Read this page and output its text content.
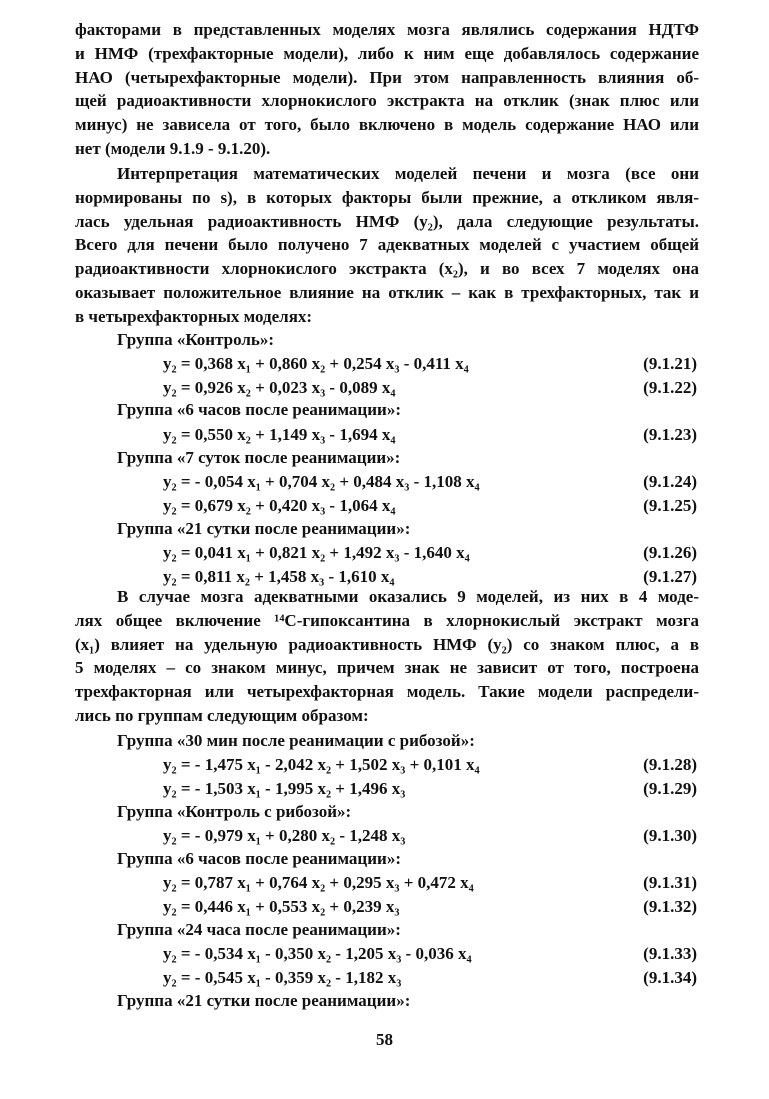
факторами в представленных моделях мозга являлись содержания НДТФ
и НМФ (трехфакторные модели), либо к ним еще добавлялось содержание
НАО (четырехфакторные модели). При этом направленность влияния об-
щей радиоактивности хлорнокислого экстракта на отклик (знак плюс или
минус) не зависела от того, было включено в модель содержание НАО или
нет (модели 9.1.9 - 9.1.20).
Интерпретация математических моделей печени и мозга (все они
нормированы по s), в которых факторы были прежние, а откликом явля-
лась удельная радиоактивность НМФ (y₂), дала следующие результаты.
Всего для печени было получено 7 адекватных моделей с участием общей
радиоактивности хлорнокислого экстракта (x₂), и во всех 7 моделях она
оказывает положительное влияние на отклик – как в трехфакторных, так и
в четырехфакторных моделях:
Группа «Контроль»:
y₂ = 0,368 x₁ + 0,860 x₂ + 0,254 x₃ - 0,411 x₄	(9.1.21)
y₂ = 0,926 x₂ + 0,023 x₃ - 0,089 x₄	(9.1.22)
Группа «6 часов после реанимации»:
y₂ = 0,550 x₂ + 1,149 x₃ - 1,694 x₄	(9.1.23)
Группа «7 суток после реанимации»:
y₂ = - 0,054 x₁ + 0,704 x₂ + 0,484 x₃ - 1,108 x₄	(9.1.24)
y₂ = 0,679 x₂ + 0,420 x₃ - 1,064 x₄	(9.1.25)
Группа «21 сутки после реанимации»:
y₂ = 0,041 x₁ + 0,821 x₂ + 1,492 x₃ - 1,640 x₄	(9.1.26)
y₂ = 0,811 x₂ + 1,458 x₃ - 1,610 x₄	(9.1.27)
В случае мозга адекватными оказались 9 моделей, из них в 4 моде-
лях общее включение ¹⁴С-гипоксантина в хлорнокислый экстракт мозга
(x₁) влияет на удельную радиоактивность НМФ (y₂) со знаком плюс, а в
5 моделях – со знаком минус, причем знак не зависит от того, построена
трехфакторная или четырехфакторная модель. Такие модели распредели-
лись по группам следующим образом:
Группа «30 мин после реанимации с рибозой»:
y₂ = - 1,475 x₁ - 2,042 x₂ + 1,502 x₃ + 0,101 x₄	(9.1.28)
y₂ = - 1,503 x₁ - 1,995 x₂ + 1,496 x₃	(9.1.29)
Группа «Контроль с рибозой»:
y₂ = - 0,979 x₁ + 0,280 x₂ - 1,248 x₃	(9.1.30)
Группа «6 часов после реанимации»:
y₂ = 0,787 x₁ + 0,764 x₂ + 0,295 x₃ + 0,472 x₄	(9.1.31)
y₂ = 0,446 x₁ + 0,553 x₂ + 0,239 x₃	(9.1.32)
Группа «24 часа после реанимации»:
y₂ = - 0,534 x₁ - 0,350 x₂ - 1,205 x₃ - 0,036 x₄	(9.1.33)
y₂ = - 0,545 x₁ - 0,359 x₂ - 1,182 x₃	(9.1.34)
Группа «21 сутки после реанимации»:
58
